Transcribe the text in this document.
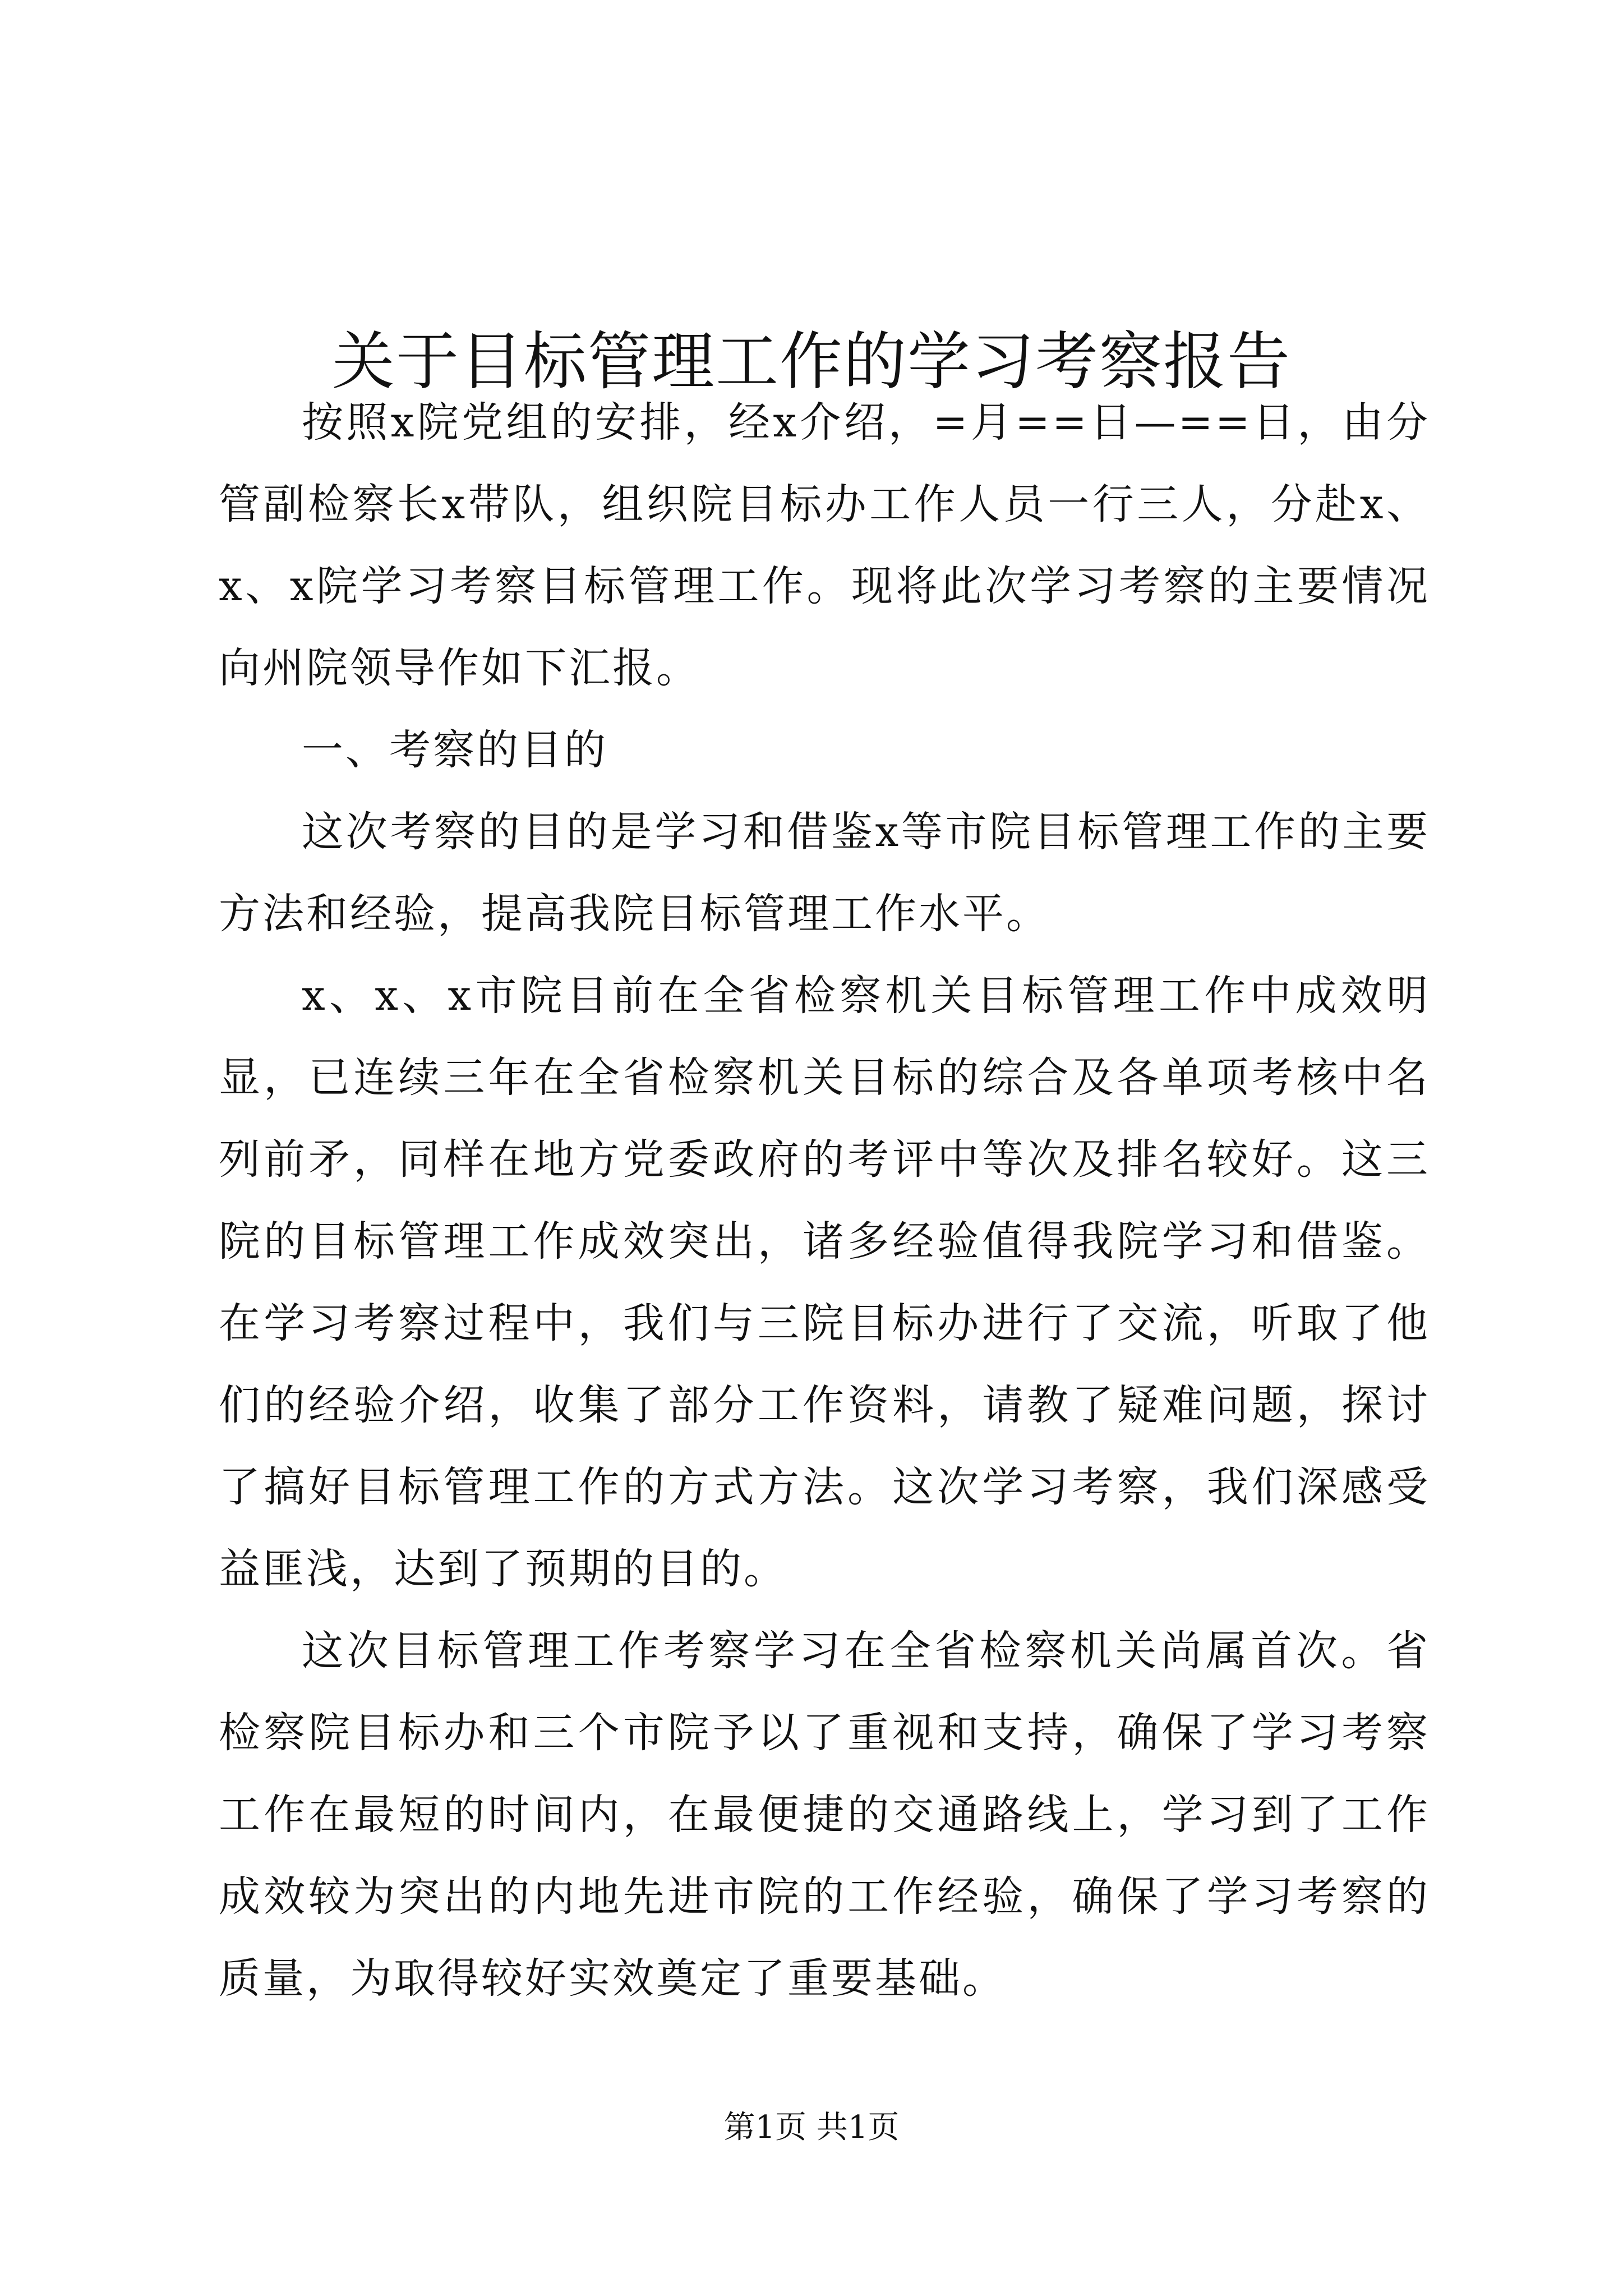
关于目标管理工作的学习考察报告

按照x院党组的安排，经x介绍，=月==日—==日，由分管副检察长x带队，组织院目标办工作人员一行三人，分赴x、x、x院学习考察目标管理工作。现将此次学习考察的主要情况向州院领导作如下汇报。

一、考察的目的

这次考察的目的是学习和借鉴x等市院目标管理工作的主要方法和经验，提高我院目标管理工作水平。

x、x、x市院目前在全省检察机关目标管理工作中成效明显，已连续三年在全省检察机关目标的综合及各单项考核中名列前矛，同样在地方党委政府的考评中等次及排名较好。这三院的目标管理工作成效突出，诸多经验值得我院学习和借鉴。在学习考察过程中，我们与三院目标办进行了交流，听取了他们的经验介绍，收集了部分工作资料，请教了疑难问题，探讨了搞好目标管理工作的方式方法。这次学习考察，我们深感受益匪浅，达到了预期的目的。

这次目标管理工作考察学习在全省检察机关尚属首次。省检察院目标办和三个市院予以了重视和支持，确保了学习考察工作在最短的时间内，在最便捷的交通路线上，学习到了工作成效较为突出的内地先进市院的工作经验，确保了学习考察的质量，为取得较好实效奠定了重要基础。

第1页 共1页
